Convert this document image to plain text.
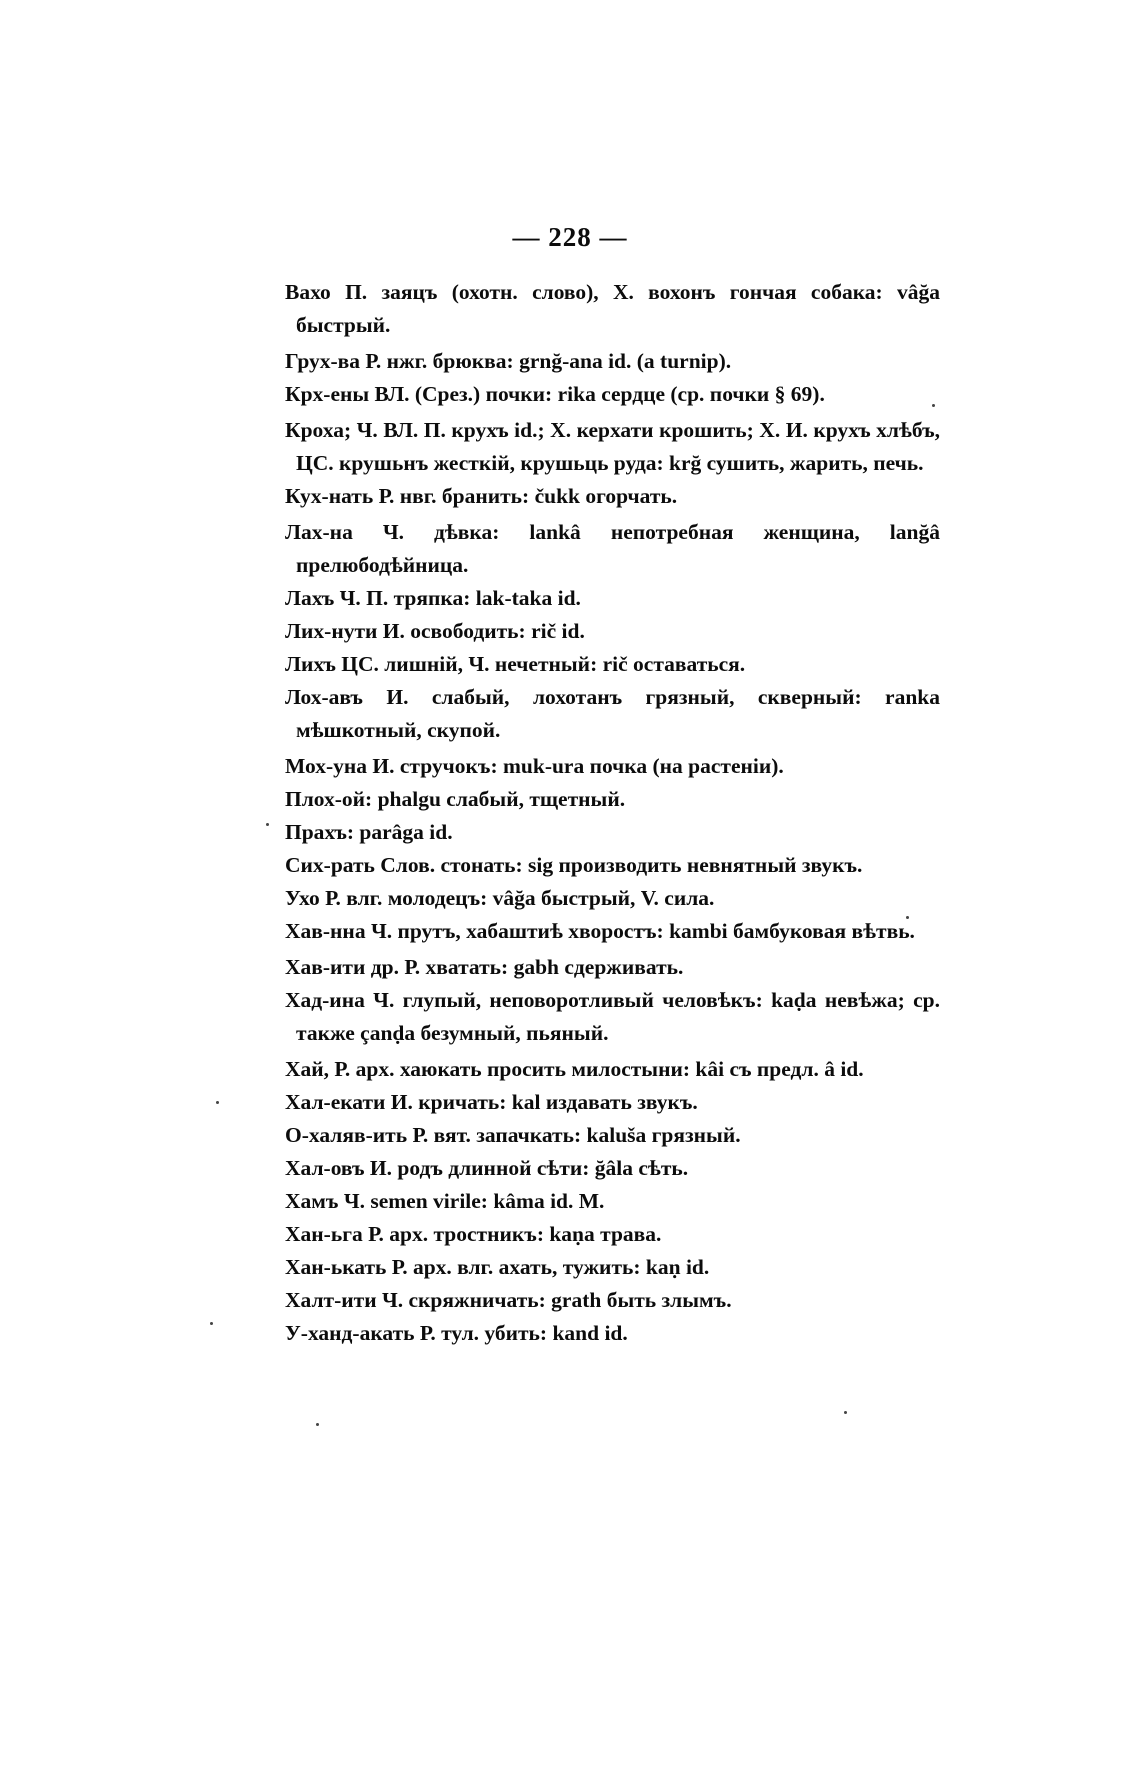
— 228 —

Вахо П. заяцъ (охотн. слово), Х. вохонъ гончая собака: vâğa быстрый.

Грух-ва Р. нжг. брюква: grnğ-ana id. (a turnip).

Крх-ены ВЛ. (Срез.) почки: rika сердце (ср. почки § 69).

Кроха; Ч. ВЛ. П. крухъ id.; Х. керхати крошить; Х. И. крухъ хлѣбъ, ЦС. крушьнъ жесткій, крушьць руда: krğ сушить, жарить, печь.

Кух-нать Р. нвг. бранить: čukk огорчать.

Лах-на Ч. дѣвка: lankâ непотребная женщина, lanğâ прелюбодѣйница.

Лахъ Ч. П. тряпка: lak-taka id.

Лих-нути И. освободить: rič id.

Лихъ ЦС. лишній, Ч. нечетный: rič оставаться.

Лох-авъ И. слабый, лохотанъ грязный, скверный: ranka мѣшкотный, скупой.

Мох-уна И. стручокъ: muk-ura почка (на растеніи).

Плох-ой: phalgu слабый, тщетный.

Прахъ: parâga id.

Сих-рать Слов. стонать: sig производить невнятный звукъ.

Ухо Р. влг. молодецъ: vâğa быстрый, V. сила.

Хав-нна Ч. прутъ, хабаштиѣ хворостъ: kambi бамбуковая вѣтвь.

Хав-ити др. Р. хватать: gabh сдерживать.

Хад-ина Ч. глупый, неповоротливый человѣкъ: kaḍa невѣжа; ср. также çanḍa безумный, пьяный.

Хай, Р. арх. хаюкать просить милостыни: kâi съ предл. â id.

Хал-екати И. кричать: kal издавать звукъ.

О-халяв-ить Р. вят. запачкать: kaluša грязный.

Хал-овъ И. родъ длинной сѣти: ğâla сѣть.

Хамъ Ч. semen virile: kâma id. M.

Хан-ьга Р. арх. тростникъ: kaṇa трава.

Хан-ькать Р. арх. влг. ахать, тужить: kaṇ id.

Халт-ити Ч. скряжничать: grath быть злымъ.

У-ханд-акать Р. тул. убить: kand id.
